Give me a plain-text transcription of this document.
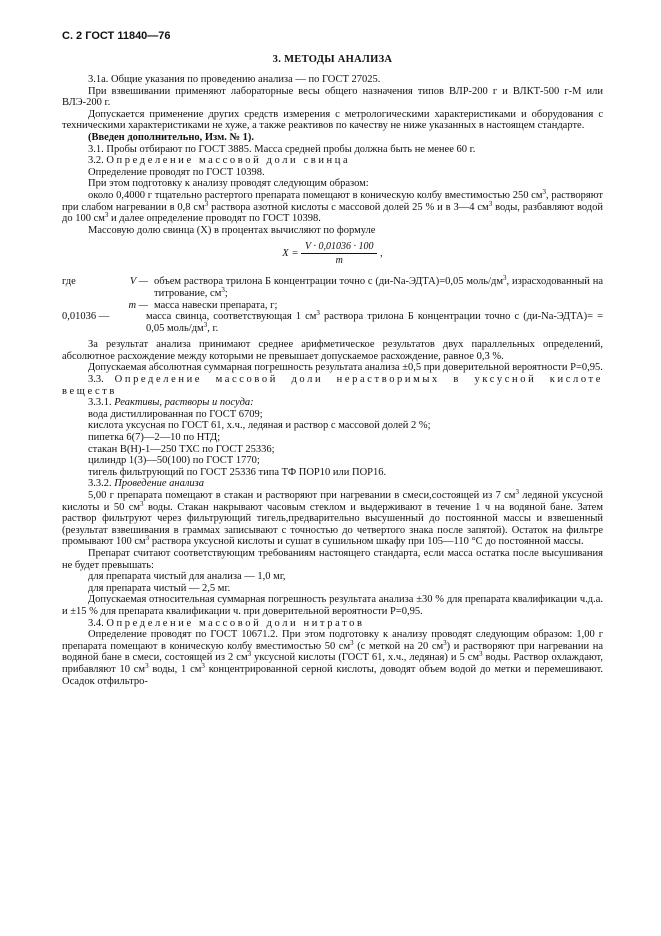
С. 2 ГОСТ 11840—76
3. МЕТОДЫ АНАЛИЗА

3.1а. Общие указания по проведению анализа — по ГОСТ 27025.

При взвешивании применяют лабораторные весы общего назначения типов ВЛР-200 г и ВЛКТ-500 г-М или ВЛЭ-200 г.

Допускается применение других средств измерения с метрологическими характеристиками и оборудования с техническими характеристиками не хуже, а также реактивов по качеству не ниже указанных в настоящем стандарте.

(Введен дополнительно, Изм. № 1).

3.1. Пробы отбирают по ГОСТ 3885. Масса средней пробы должна быть не менее 60 г.

3.2. Определение массовой доли свинца

Определение проводят по ГОСТ 10398.

При этом подготовку к анализу проводят следующим образом:

около 0,4000 г тщательно растертого препарата помещают в коническую колбу вместимостью 250 $см^3$, растворяют при слабом нагревании в 0,8 $см^3$ раствора азотной кислоты с массовой долей 25 % и в 3—4 $см^3$ воды, разбавляют водой до 100 $см^3$ и далее определение проводят по ГОСТ 10398.

Массовую долю свинца (X) в процентах вычисляют по формуле

$X = \frac{V \cdot 0,01036 \cdot 100}{m}$ ,
где	V — объем раствора трилона Б концентрации точно c (ди-Na-ЭДТА)=0,05 моль/$дм^3$, израсходованный на титрование, $см^3$;
m — масса навески препарата, г;
0,01036 —	масса свинца, соответствующая 1 $см^3$ раствора трилона Б концентрации точно c (ди-Na-ЭДТА)= = 0,05 моль/$дм^3$, г.

За результат анализа принимают среднее арифметическое результатов двух параллельных определений, абсолютное расхождение между которыми не превышает допускаемое расхождение, равное 0,3 %.

Допускаемая абсолютная суммарная погрешность результата анализа ±0,5 при доверительной вероятности P=0,95.

3.3. Определение массовой доли нерастворимых в уксусной кислоте веществ

3.3.1. Реактивы, растворы и посуда:

вода дистиллированная по ГОСТ 6709;

кислота уксусная по ГОСТ 61, х.ч., ледяная и раствор с массовой долей 2 %;

пипетка 6(7)—2—10 по НТД;

стакан В(Н)-1—250 ТХС по ГОСТ 25336;

цилиндр 1(3)—50(100) по ГОСТ 1770;

тигель фильтрующий по ГОСТ 25336 типа ТФ ПОР10 или ПОР16.

3.3.2. Проведение анализа

5,00 г препарата помещают в стакан и растворяют при нагревании в смеси,состоящей из 7 $см^3$ ледяной уксусной кислоты и 50 $см^3$ воды. Стакан накрывают часовым стеклом и выдерживают в течение 1 ч на водяной бане. Затем раствор фильтруют через фильтрующий тигель,предварительно высушенный до постоянной массы и взвешенный (результат взвешивания в граммах записывают с точностью до четвертого знака после запятой). Остаток на фильтре промывают 100 $см^3$ раствора уксусной кислоты и сушат в сушильном шкафу при 105—110 °С до постоянной массы.

Препарат считают соответствующим требованиям настоящего стандарта, если масса остатка после высушивания не будет превышать:

для препарата чистый для анализа — 1,0 мг,

для препарата чистый — 2,5 мг.

Допускаемая относительная суммарная погрешность результата анализа ±30 % для препарата квалификации ч.д.а. и ±15 % для препарата квалификации ч. при доверительной вероятности P=0,95.

3.4. Определение массовой доли нитратов

Определение проводят по ГОСТ 10671.2. При этом подготовку к анализу проводят следующим образом: 1,00 г препарата помещают в коническую колбу вместимостью 50 $см^3$ (с меткой на 20 $см^3$) и растворяют при нагревании на водяной бане в смеси, состоящей из 2 $см^3$ уксусной кислоты (ГОСТ 61, х.ч., ледяная) и 5 $см^3$ воды. Раствор охлаждают, прибавляют 10 $см^3$ воды, 1 $см^3$ концентрированной серной кислоты, доводят объем водой до метки и перемешивают. Осадок отфильтро-
